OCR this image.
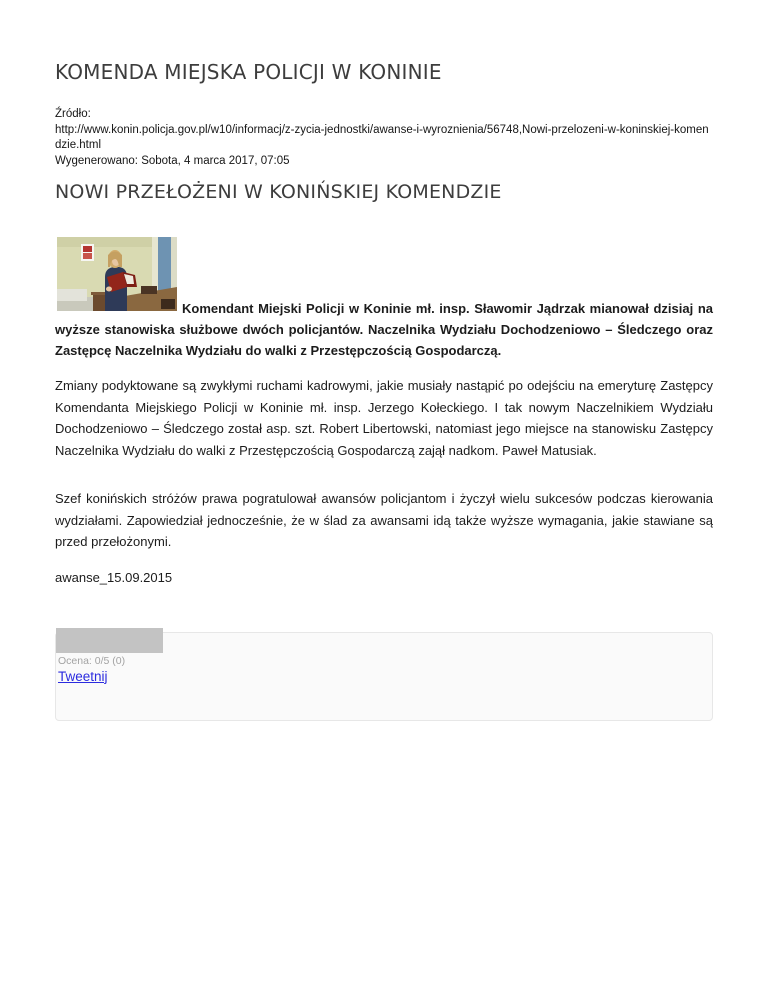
KOMENDA MIEJSKA POLICJI W KONINIE
Źródło:
http://www.konin.policja.gov.pl/w10/informacj/z-zycia-jednostki/awanse-i-wyroznienia/56748,Nowi-przelozeni-w-koninskiej-komendzie.html
Wygenerowano: Sobota, 4 marca 2017, 07:05
NOWI PRZEŁOŻENI W KONIŃSKIEJ KOMENDZIE

Komendant Miejski Policji w Koninie mł. insp. Sławomir Jądrzak mianował dzisiaj na wyższe stanowiska służbowe dwóch policjantów. Naczelnika Wydziału Dochodzeniowo – Śledczego oraz Zastępcę Naczelnika Wydziału do walki z Przestępczością Gospodarczą.

Zmiany podyktowane są zwykłymi ruchami kadrowymi, jakie musiały nastąpić po odejściu na emeryturę Zastępcy Komendanta Miejskiego Policji w Koninie mł. insp. Jerzego Kołeckiego. I tak nowym Naczelnikiem Wydziału Dochodzeniowo – Śledczego został asp. szt. Robert Libertowski, natomiast jego miejsce na stanowisku Zastępcy Naczelnika Wydziału do walki z Przestępczością Gospodarczą zajął nadkom. Paweł Matusiak.

Szef konińskich stróżów prawa pogratulował awansów policjantom i życzył wielu sukcesów podczas kierowania wydziałami. Zapowiedział jednocześnie, że w ślad za awansami idą także wyższe wymagania, jakie stawiane są przed przełożonymi.

awanse_15.09.2015
Ocena: 0/5 (0)
Tweetnij
